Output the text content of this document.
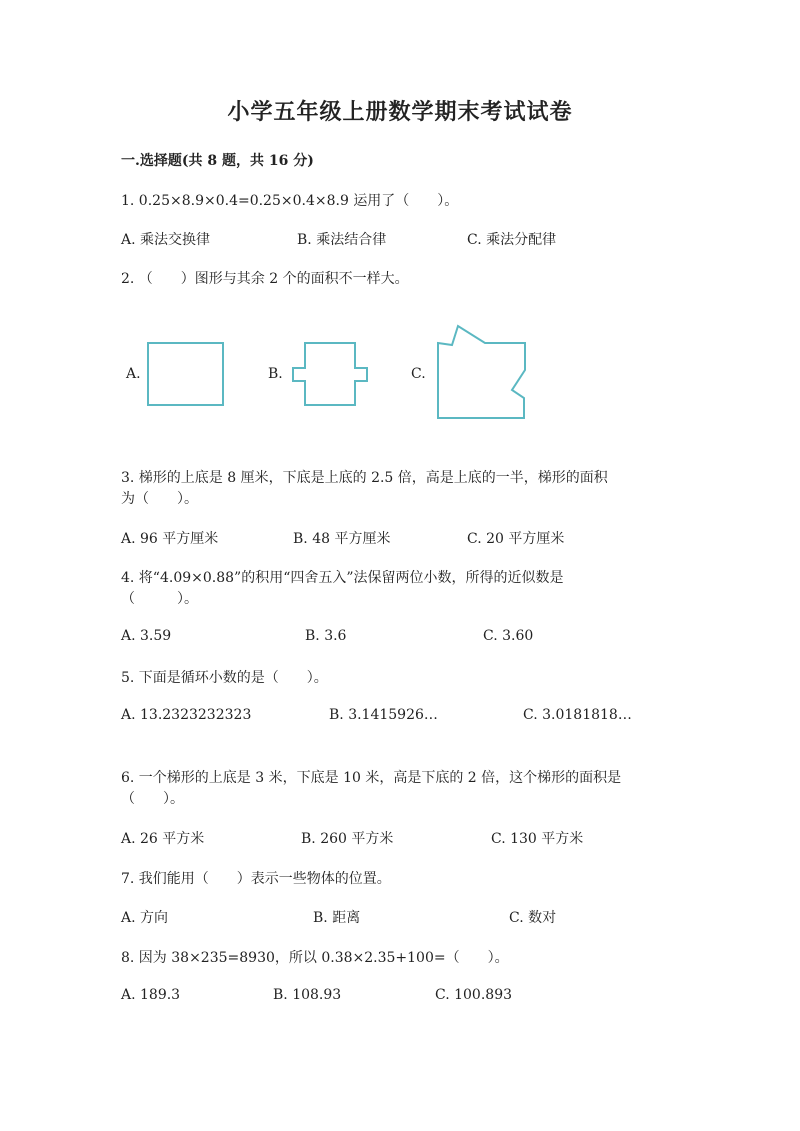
小学五年级上册数学期末考试试卷
一.选择题(共 8 题，共 16 分)
1. 0.25×8.9×0.4=0.25×0.4×8.9 运用了（　　）。
A. 乘法交换律	B. 乘法结合律	C. 乘法分配律
2. （　　）图形与其余 2 个的面积不一样大。
A.	B.	C.
3. 梯形的上底是 8 厘米，下底是上底的 2.5 倍，高是上底的一半，梯形的面积
为（　　）。
A. 96 平方厘米	B. 48 平方厘米	C. 20 平方厘米
4. 将“4.09×0.88”的积用“四舍五入”法保留两位小数，所得的近似数是
（　　　）。
A. 3.59	B. 3.6	C. 3.60
5. 下面是循环小数的是（　　）。
A. 13.2323232323	B. 3.1415926…	C. 3.0181818…
6. 一个梯形的上底是 3 米，下底是 10 米，高是下底的 2 倍，这个梯形的面积是
（　　）。
A. 26 平方米	B. 260 平方米	C. 130 平方米
7. 我们能用（　　）表示一些物体的位置。
A. 方向	B. 距离	C. 数对
8. 因为 38×235=8930，所以 0.38×2.35+100=（　　）。
A. 189.3	B. 108.93	C. 100.893
